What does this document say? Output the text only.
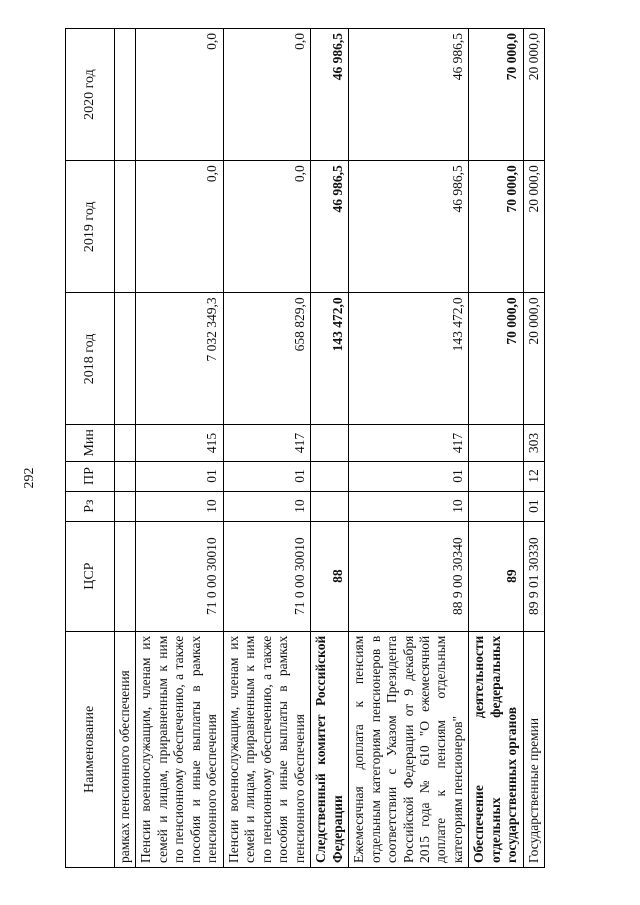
292
Наименование	ЦСР	Рз	ПР	Мин	2018 год	2019 год	2020 год
рамках пенсионного обеспечения							
Пенсии военнослужащим, членам их семей и лицам, приравненным к ним по пенсионному обеспечению, а также пособия и иные выплаты в рамках пенсионного обеспечения	71 0 00 30010	10	01	415	7 032 349,3	0,0	0,0
Пенсии военнослужащим, членам их семей и лицам, приравненным к ним по пенсионному обеспечению, а также пособия и иные выплаты в рамках пенсионного обеспечения	71 0 00 30010	10	01	417	658 829,0	0,0	0,0
Следственный комитет Российской Федерации	88				143 472,0	46 986,5	46 986,5
Ежемесячная доплата к пенсиям отдельным категориям пенсионеров в соответствии с Указом Президента Российской Федерации от 9 декабря 2015 года № 610 "О ежемесячной доплате к пенсиям отдельным категориям пенсионеров"	88 9 00 30340	10	01	417	143 472,0	46 986,5	46 986,5
Обеспечение деятельности отдельных федеральных государственных органов	89				70 000,0	70 000,0	70 000,0
Государственные премии	89 9 01 30330	01	12	303	20 000,0	20 000,0	20 000,0
